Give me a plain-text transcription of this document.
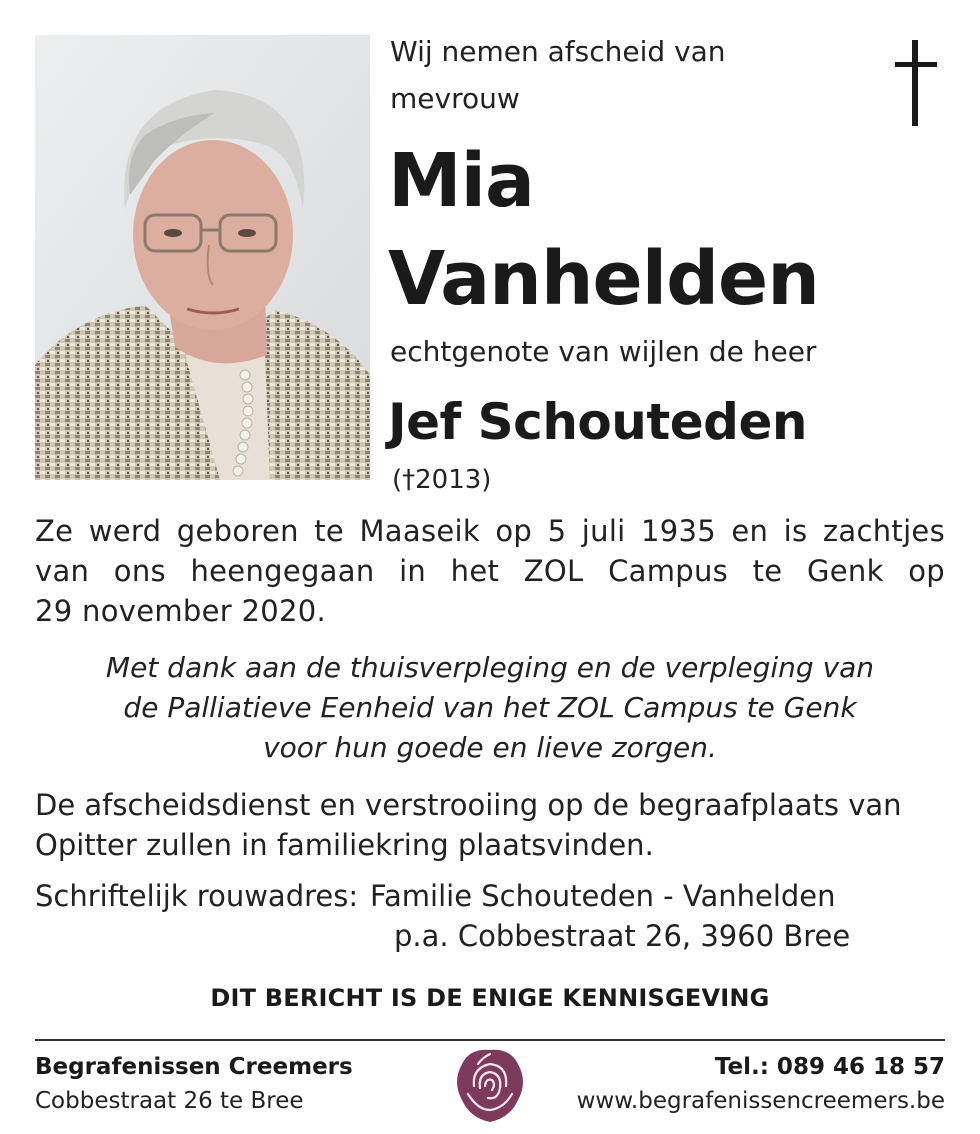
Wij nemen afscheid van
mevrouw
Mia
Vanhelden
echtgenote van wijlen de heer
Jef Schouteden
(†2013)
Ze werd geboren te Maaseik op 5 juli 1935 en is zachtjes
van ons heengegaan in het ZOL Campus te Genk op
29 november 2020.
Met dank aan de thuisverpleging en de verpleging van
de Palliatieve Eenheid van het ZOL Campus te Genk
voor hun goede en lieve zorgen.
De afscheidsdienst en verstrooiing op de begraafplaats van
Opitter zullen in familiekring plaatsvinden.
Schriftelijk rouwadres: Familie Schouteden - Vanhelden
p.a. Cobbestraat 26, 3960 Bree
DIT BERICHT IS DE ENIGE KENNISGEVING
Begrafenissen Creemers
Cobbestraat 26 te Bree
Tel.: 089 46 18 57
www.begrafenissencreemers.be
